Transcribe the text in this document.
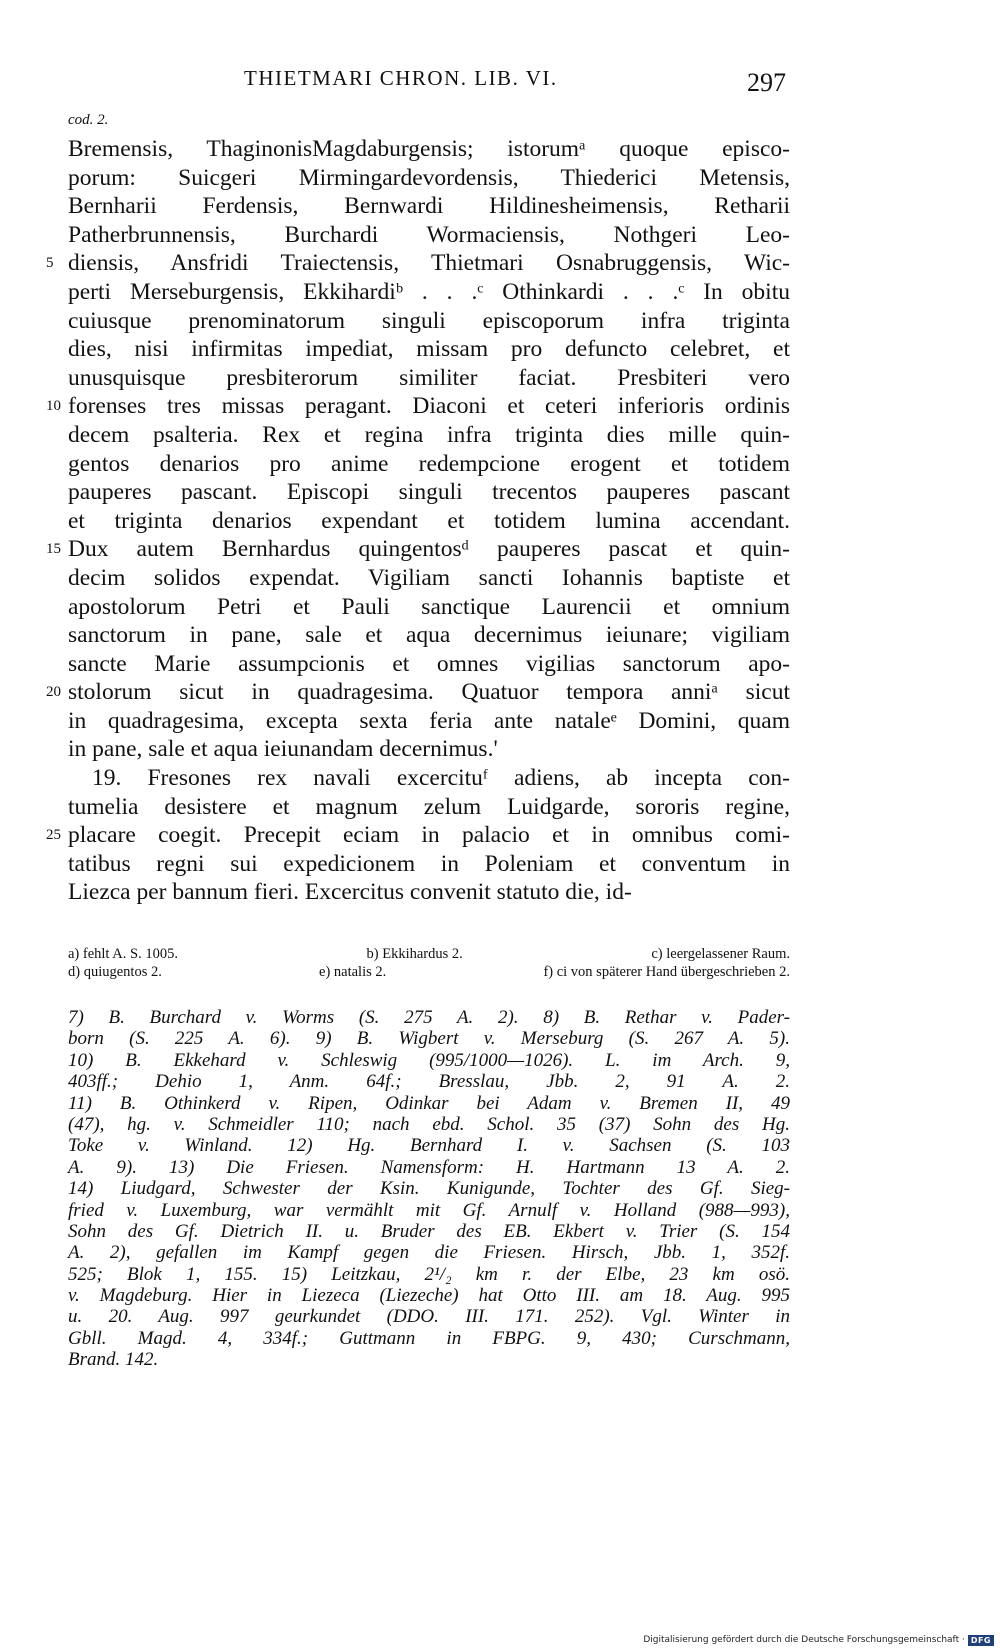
THIETMARI CHRON. LIB. VI.	297
cod. 2.
Bremensis, ThaginonisMagdaburgensis; istorumᵃ quoque episco-
porum: Suicgeri Mirmingardevordensis, Thiederici Metensis,
Bernharii Ferdensis, Bernwardi Hildinesheimensis, Retharii
Patherbrunnensis, Burchardi Wormaciensis, Nothgeri Leo-
5 diensis, Ansfridi Traiectensis, Thietmari Osnabruggensis, Wic-
perti Merseburgensis, Ekkihardiᵇ . . .ᶜ Othinkardi . . .ᶜ In obitu
cuiusque prenominatorum singuli episcoporum infra triginta
dies, nisi infirmitas impediat, missam pro defuncto celebret, et
unusquisque presbiterorum similiter faciat. Presbiteri vero
10 forenses tres missas peragant. Diaconi et ceteri inferioris ordinis
decem psalteria. Rex et regina infra triginta dies mille quin-
gentos denarios pro anime redempcione erogent et totidem
pauperes pascant. Episcopi singuli trecentos pauperes pascant
et triginta denarios expendant et totidem lumina accendant.
15 Dux autem Bernhardus quingentosᵈ pauperes pascat et quin-
decim solidos expendat. Vigiliam sancti Iohannis baptiste et
apostolorum Petri et Pauli sanctique Laurencii et omnium
sanctorum in pane, sale et aqua decernimus ieiunare; vigiliam
sancte Marie assumpcionis et omnes vigilias sanctorum apo-
20 stolorum sicut in quadragesima. Quatuor tempora anniᵃ sicut
in quadragesima, excepta sexta feria ante nataleᵉ Domini, quam
in pane, sale et aqua ieiunandam decernimus.'
19. Fresones rex navali excercituᶠ adiens, ab incepta con-
tumelia desistere et magnum zelum Luidgarde, sororis regine,
25 placare coegit. Precepit eciam in palacio et in omnibus comi-
tatibus regni sui expedicionem in Poleniam et conventum in
Liezca per bannum fieri. Excercitus convenit statuto die, id-
a) fehlt A. S. 1005.	b) Ekkihardus 2.	c) leergelassener Raum.
d) quiugentos 2.	e) natalis 2.	f) ci von späterer Hand übergeschrieben 2.
7) B. Burchard v. Worms (S. 275 A. 2). 8) B. Rethar v. Pader-
born (S. 225 A. 6). 9) B. Wigbert v. Merseburg (S. 267 A. 5).
10) B. Ekkehard v. Schleswig (995/1000—1026). L. im Arch. 9,
403ff.; Dehio 1, Anm. 64f.; Bresslau, Jbb. 2, 91 A. 2.
11) B. Othinkerd v. Ripen, Odinkar bei Adam v. Bremen II, 49
(47), hg. v. Schmeidler 110; nach ebd. Schol. 35 (37) Sohn des Hg.
Toke v. Winland. 12) Hg. Bernhard I. v. Sachsen (S. 103
A. 9). 13) Die Friesen. Namensform: H. Hartmann 13 A. 2.
14) Liudgard, Schwester der Ksin. Kunigunde, Tochter des Gf. Sieg-
fried v. Luxemburg, war vermählt mit Gf. Arnulf v. Holland (988—993),
Sohn des Gf. Dietrich II. u. Bruder des EB. Ekbert v. Trier (S. 154
A. 2), gefallen im Kampf gegen die Friesen. Hirsch, Jbb. 1, 352f.
525; Blok 1, 155. 15) Leitzkau, 2¹/₂ km r. der Elbe, 23 km osö.
v. Magdeburg. Hier in Liezeca (Liezeche) hat Otto III. am 18. Aug. 995
u. 20. Aug. 997 geurkundet (DDO. III. 171. 252). Vgl. Winter in
Gbll. Magd. 4, 334f.; Guttmann in FBPG. 9, 430; Curschmann,
Brand. 142.
Digitalisierung gefördert durch die Deutsche Forschungsgemeinschaft · DFG
